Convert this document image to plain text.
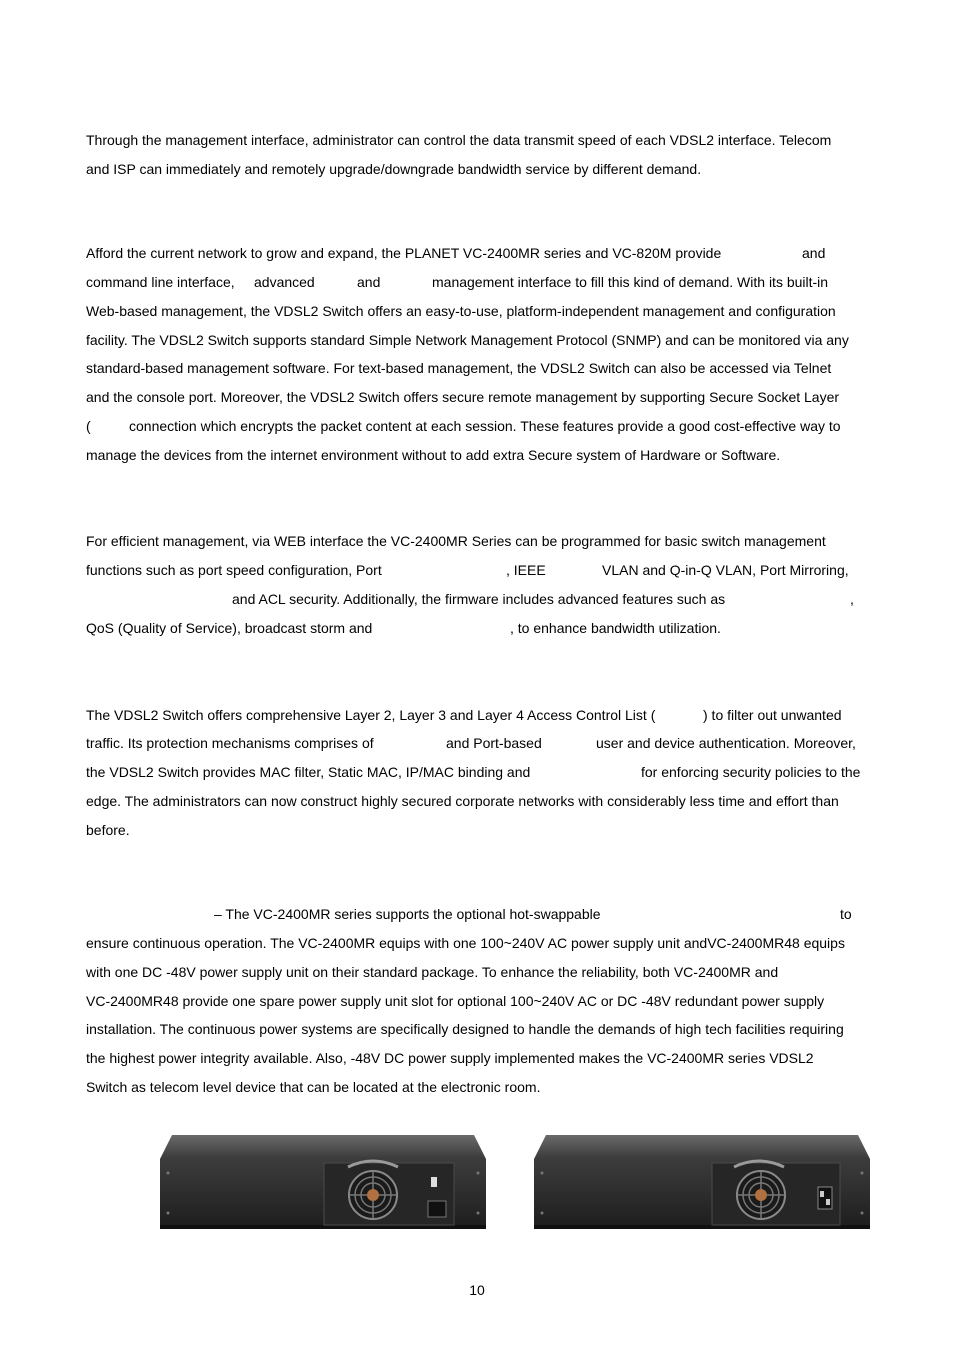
Through the management interface, administrator can control the data transmit speed of each VDSL2 interface. Telecom
and ISP can immediately and remotely upgrade/downgrade bandwidth service by different demand.
Afford the current network to grow and expand, the PLANET VC-2400MR series and VC-820M provide	and
command line interface, advanced	and	management interface to fill this kind of demand. With its built-in
Web-based management, the VDSL2 Switch offers an easy-to-use, platform-independent management and configuration
facility. The VDSL2 Switch supports standard Simple Network Management Protocol (SNMP) and can be monitored via any
standard-based management software. For text-based management, the VDSL2 Switch can also be accessed via Telnet
and the console port. Moreover, the VDSL2 Switch offers secure remote management by supporting Secure Socket Layer
(	connection which encrypts the packet content at each session. These features provide a good cost-effective way to
manage the devices from the internet environment without to add extra Secure system of Hardware or Software.
For efficient management, via WEB interface the VC-2400MR Series can be programmed for basic switch management
functions such as port speed configuration, Port	, IEEE	VLAN and Q-in-Q VLAN, Port Mirroring,
and ACL security. Additionally, the firmware includes advanced features such as	,
QoS (Quality of Service), broadcast storm and	, to enhance bandwidth utilization.
The VDSL2 Switch offers comprehensive Layer 2, Layer 3 and Layer 4 Access Control List (	) to filter out unwanted
traffic. Its protection mechanisms comprises of	and Port-based	user and device authentication. Moreover,
the VDSL2 Switch provides MAC filter, Static MAC, IP/MAC binding and	for enforcing security policies to the
edge. The administrators can now construct highly secured corporate networks with considerably less time and effort than
before.
– The VC-2400MR series supports the optional hot-swappable	to
ensure continuous operation. The VC-2400MR equips with one 100~240V AC power supply unit andVC-2400MR48 equips
with one DC -48V power supply unit on their standard package. To enhance the reliability, both VC-2400MR and
VC-2400MR48 provide one spare power supply unit slot for optional 100~240V AC or DC -48V redundant power supply
installation. The continuous power systems are specifically designed to handle the demands of high tech facilities requiring
the highest power integrity available. Also, -48V DC power supply implemented makes the VC-2400MR series VDSL2
Switch as telecom level device that can be located at the electronic room.
10
